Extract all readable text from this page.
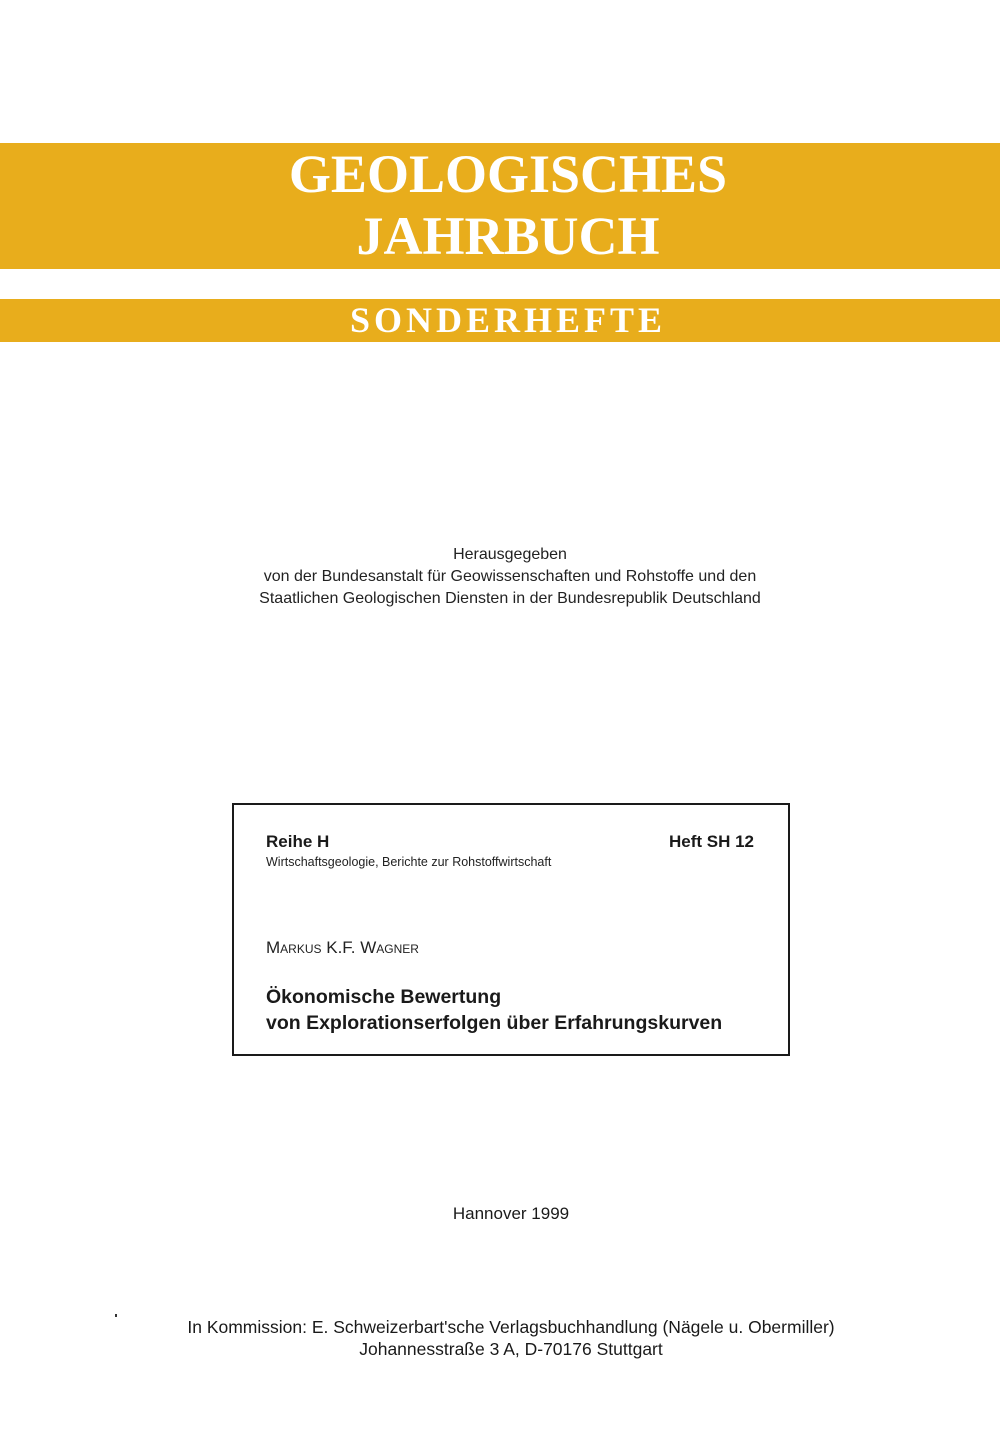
GEOLOGISCHES
JAHRBUCH
SONDERHEFTE
Herausgegeben
von der Bundesanstalt für Geowissenschaften und Rohstoffe und den
Staatlichen Geologischen Diensten in der Bundesrepublik Deutschland
Reihe H	Heft SH 12
Wirtschaftsgeologie, Berichte zur Rohstoffwirtschaft
Markus K.F. Wagner
Ökonomische Bewertung
von Explorationserfolgen über Erfahrungskurven
Hannover 1999
In Kommission: E. Schweizerbart'sche Verlagsbuchhandlung (Nägele u. Obermiller)
Johannesstraße 3 A, D-70176 Stuttgart
